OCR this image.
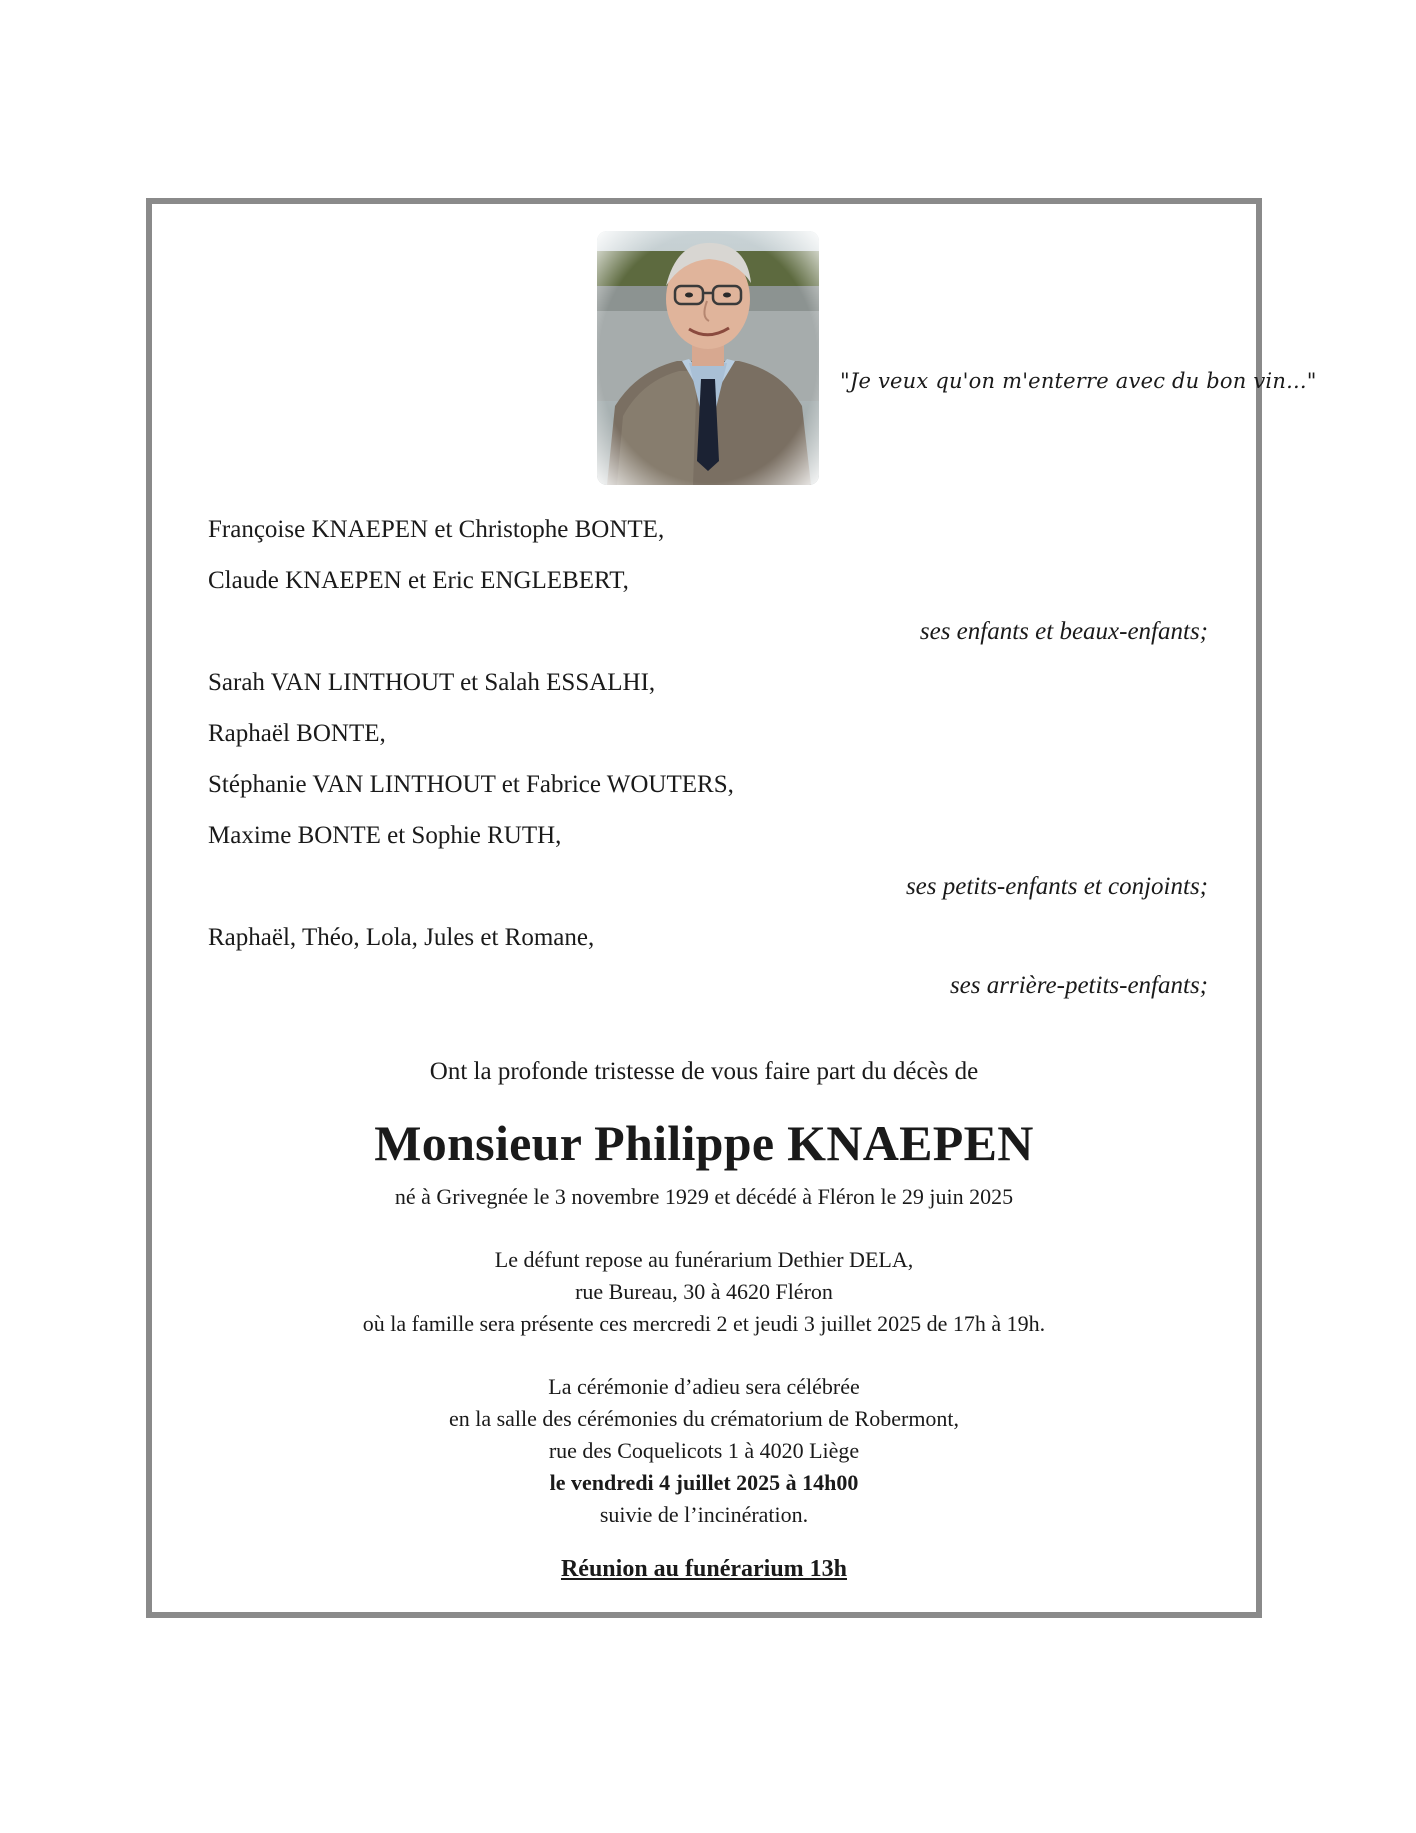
"Je veux qu'on m'enterre avec du bon vin..."
Françoise KNAEPEN et Christophe BONTE,
Claude KNAEPEN et Eric ENGLEBERT,
ses enfants et beaux-enfants;
Sarah VAN LINTHOUT et Salah ESSALHI,
Raphaël BONTE,
Stéphanie VAN LINTHOUT et Fabrice WOUTERS,
Maxime BONTE et Sophie RUTH,
ses petits-enfants et conjoints;
Raphaël, Théo, Lola, Jules et Romane,
ses arrière-petits-enfants;
Ont la profonde tristesse de vous faire part du décès de
Monsieur Philippe KNAEPEN
né à Grivegnée le 3 novembre 1929 et décédé à Fléron le 29 juin 2025
Le défunt repose au funérarium Dethier DELA,
rue Bureau, 30 à 4620 Fléron
où la famille sera présente ces mercredi 2 et jeudi 3 juillet 2025 de 17h à 19h.
La cérémonie d’adieu sera célébrée
en la salle des cérémonies du crématorium de Robermont,
rue des Coquelicots 1 à 4020 Liège
le vendredi 4 juillet 2025 à 14h00
suivie de l’incinération.
Réunion au funérarium 13h
